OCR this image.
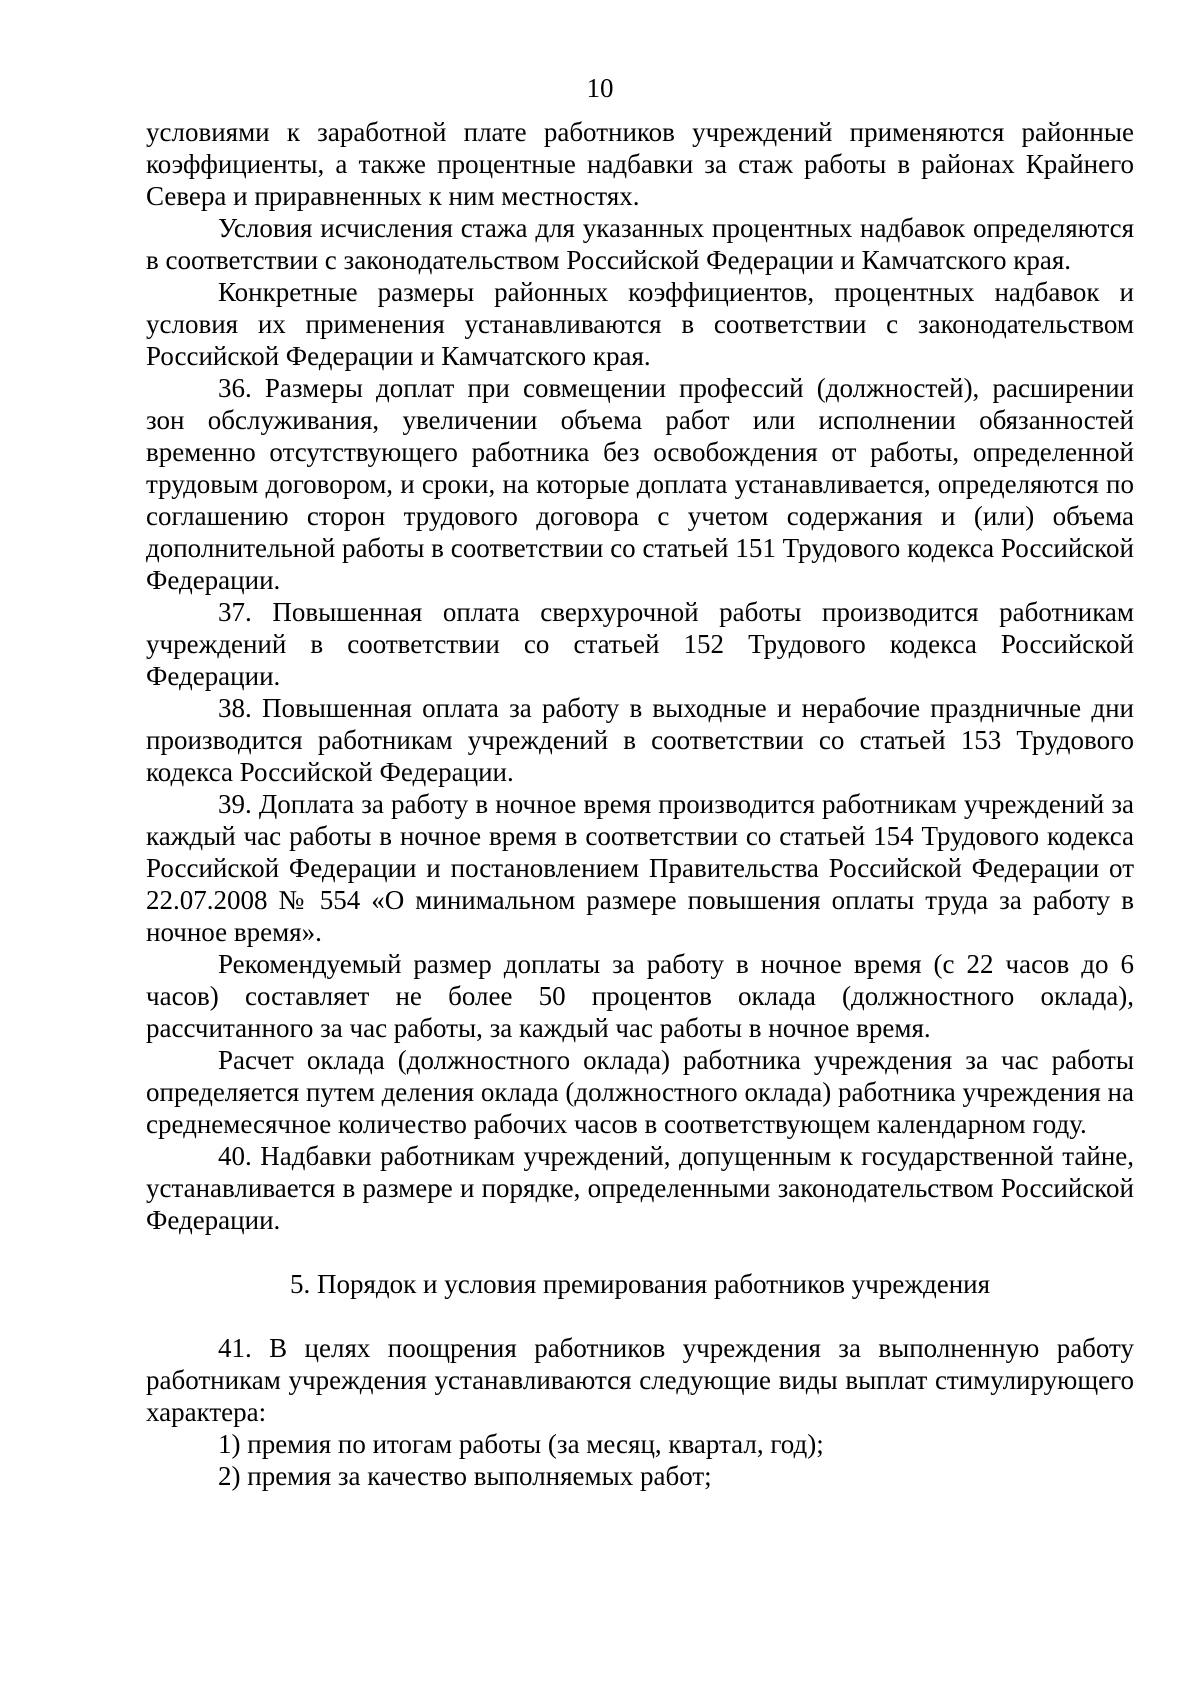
10

условиями к заработной плате работников учреждений применяются районные коэффициенты, а также процентные надбавки за стаж работы в районах Крайнего Севера и приравненных к ним местностях.

Условия исчисления стажа для указанных процентных надбавок определяются в соответствии с законодательством Российской Федерации и Камчатского края.

Конкретные размеры районных коэффициентов, процентных надбавок и условия их применения устанавливаются в соответствии с законодательством Российской Федерации и Камчатского края.

36. Размеры доплат при совмещении профессий (должностей), расширении зон обслуживания, увеличении объема работ или исполнении обязанностей временно отсутствующего работника без освобождения от работы, определенной трудовым договором, и сроки, на которые доплата устанавливается, определяются по соглашению сторон трудового договора с учетом содержания и (или) объема дополнительной работы в соответствии со статьей 151 Трудового кодекса Российской Федерации.

37. Повышенная оплата сверхурочной работы производится работникам учреждений в соответствии со статьей 152 Трудового кодекса Российской Федерации.

38. Повышенная оплата за работу в выходные и нерабочие праздничные дни производится работникам учреждений в соответствии со статьей 153 Трудового кодекса Российской Федерации.

39. Доплата за работу в ночное время производится работникам учреждений за каждый час работы в ночное время в соответствии со статьей 154 Трудового кодекса Российской Федерации и постановлением Правительства Российской Федерации от 22.07.2008 № 554 «О минимальном размере повышения оплаты труда за работу в ночное время».

Рекомендуемый размер доплаты за работу в ночное время (с 22 часов до 6 часов) составляет не более 50 процентов оклада (должностного оклада), рассчитанного за час работы, за каждый час работы в ночное время.

Расчет оклада (должностного оклада) работника учреждения за час работы определяется путем деления оклада (должностного оклада) работника учреждения на среднемесячное количество рабочих часов в соответствующем календарном году.

40. Надбавки работникам учреждений, допущенным к государственной тайне, устанавливается в размере и порядке, определенными законодательством Российской Федерации.

5. Порядок и условия премирования работников учреждения

41. В целях поощрения работников учреждения за выполненную работу работникам учреждения устанавливаются следующие виды выплат стимулирующего характера:

1) премия по итогам работы (за месяц, квартал, год);

2) премия за качество выполняемых работ;
